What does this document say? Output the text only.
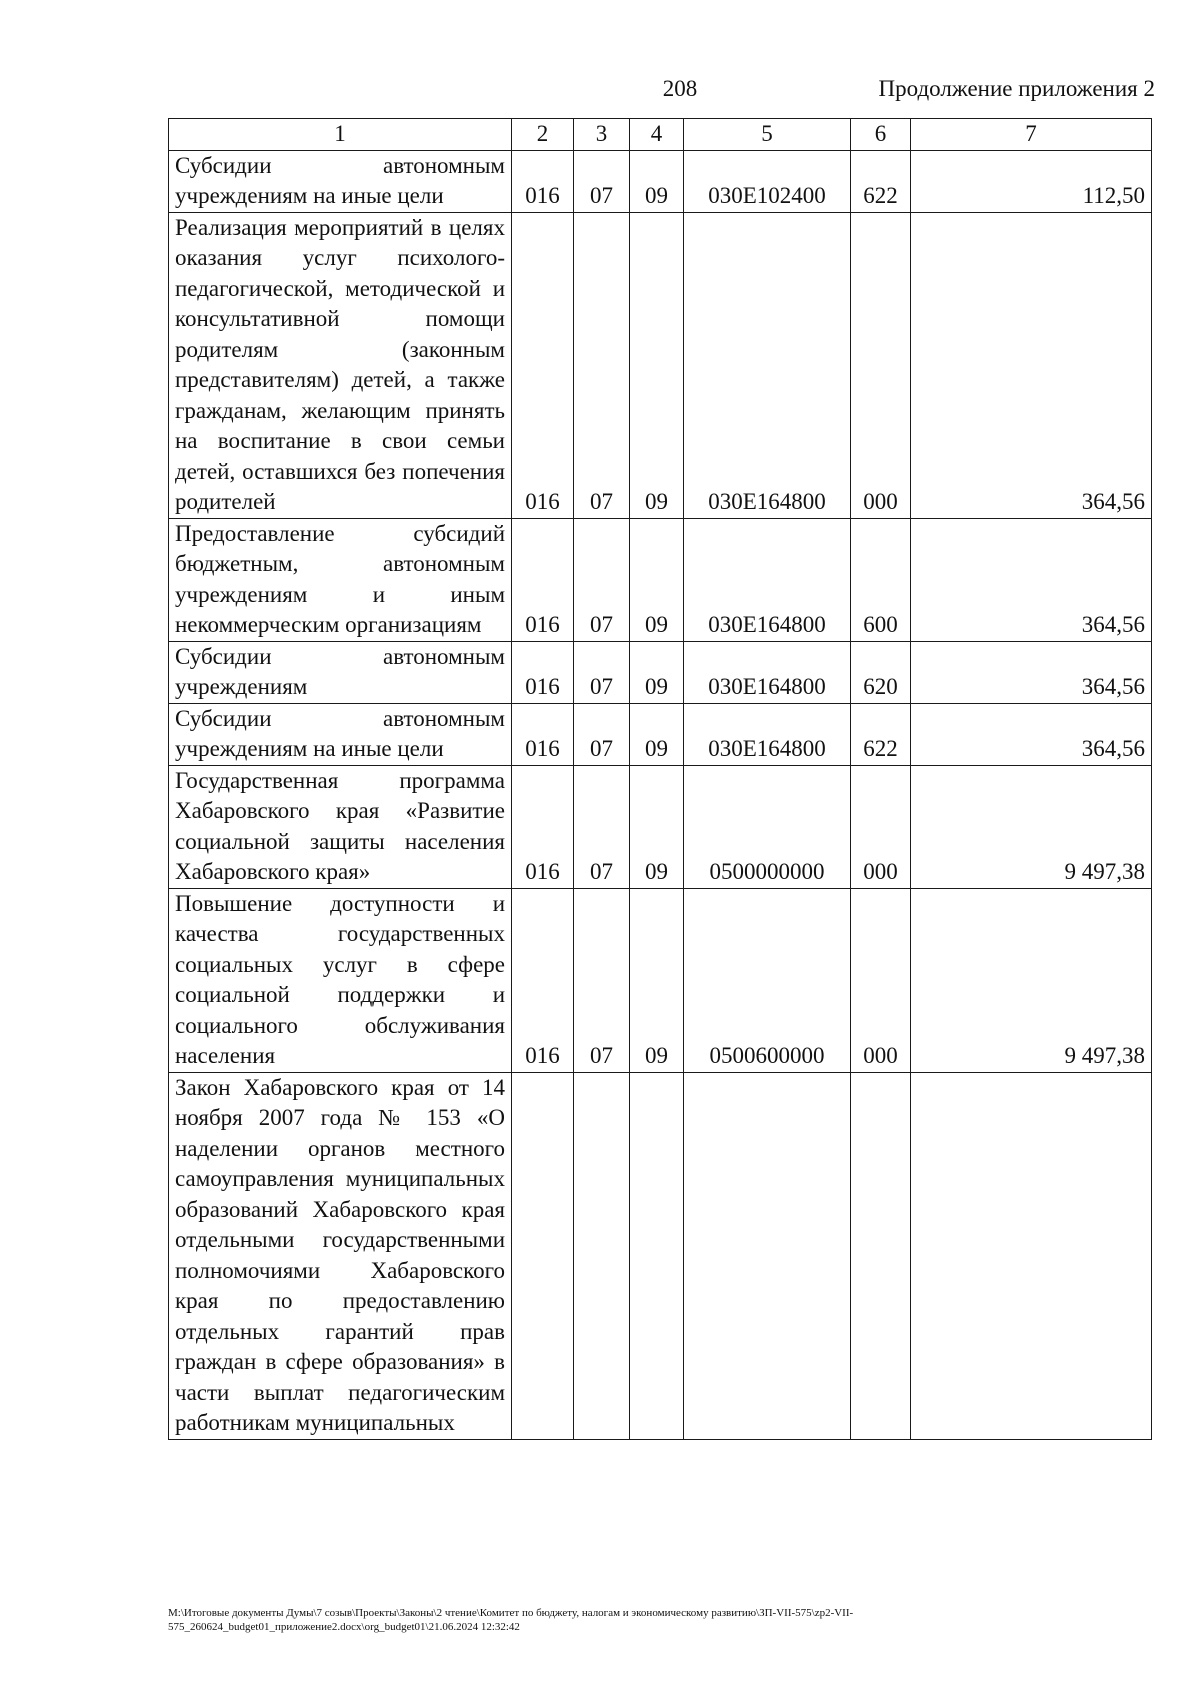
208	Продолжение приложения 2
1	2	3	4	5	6	7
Субсидии автономным учреждениям на иные цели	016	07	09	030Е102400	622	112,50
Реализация мероприятий в целях оказания услуг психолого-педагогической, методической и консультативной помощи родителям (законным представителям) детей, а также гражданам, желающим принять на воспитание в свои семьи детей, оставшихся без попечения родителей	016	07	09	030Е164800	000	364,56
Предоставление субсидий бюджетным, автономным учреждениям и иным некоммерческим организациям	016	07	09	030Е164800	600	364,56
Субсидии автономным учреждениям	016	07	09	030Е164800	620	364,56
Субсидии автономным учреждениям на иные цели	016	07	09	030Е164800	622	364,56
Государственная программа Хабаровского края «Развитие социальной защиты населения Хабаровского края»	016	07	09	0500000000	000	9 497,38
Повышение доступности и качества государственных социальных услуг в сфере социальной поддержки и социального обслуживания населения	016	07	09	0500600000	000	9 497,38
Закон Хабаровского края от 14 ноября 2007 года № 153 «О наделении органов местного самоуправления муниципальных образований Хабаровского края отдельными государственными полномочиями Хабаровского края по предоставлению отдельных гарантий прав граждан в сфере образования» в части выплат педагогическим работникам муниципальных						
М:\Итоговые документы Думы\7 созыв\Проекты\Законы\2 чтение\Комитет по бюджету, налогам и экономическому развитию\ЗП-VII-575\zp2-VII-575_260624_budget01_приложение2.docx\org_budget01\21.06.2024 12:32:42
